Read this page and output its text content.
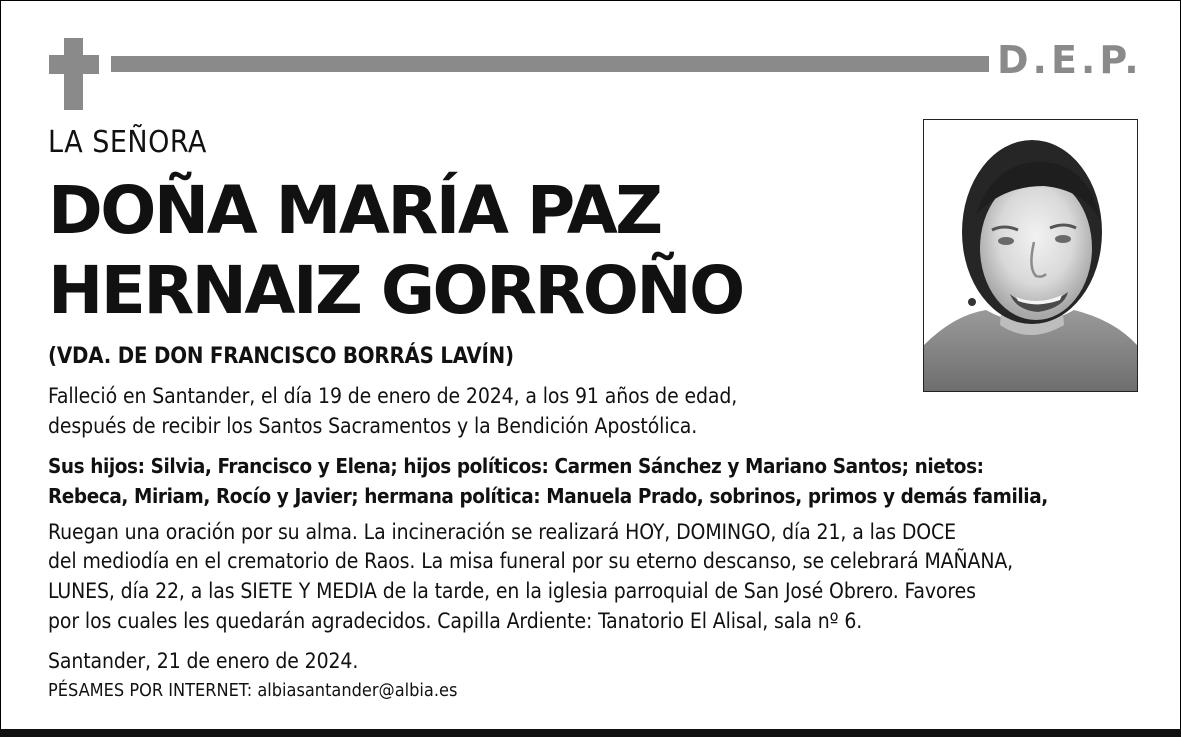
D.E.P.
LA SEÑORA
DOÑA MARÍA PAZ
HERNAIZ GORROÑO
(VDA. DE DON FRANCISCO BORRÁS LAVÍN)
Falleció en Santander, el día 19 de enero de 2024, a los 91 años de edad,
después de recibir los Santos Sacramentos y la Bendición Apostólica.
Sus hijos: Silvia, Francisco y Elena; hijos políticos: Carmen Sánchez y Mariano Santos; nietos:
Rebeca, Miriam, Rocío y Javier; hermana política: Manuela Prado, sobrinos, primos y demás familia,
Ruegan una oración por su alma. La incineración se realizará HOY, DOMINGO, día 21, a las DOCE
del mediodía en el crematorio de Raos. La misa funeral por su eterno descanso, se celebrará MAÑANA,
LUNES, día 22, a las SIETE Y MEDIA de la tarde, en la iglesia parroquial de San José Obrero. Favores
por los cuales les quedarán agradecidos. Capilla Ardiente: Tanatorio El Alisal, sala nº 6.
Santander, 21 de enero de 2024.
PÉSAMES POR INTERNET: albiasantander@albia.es
